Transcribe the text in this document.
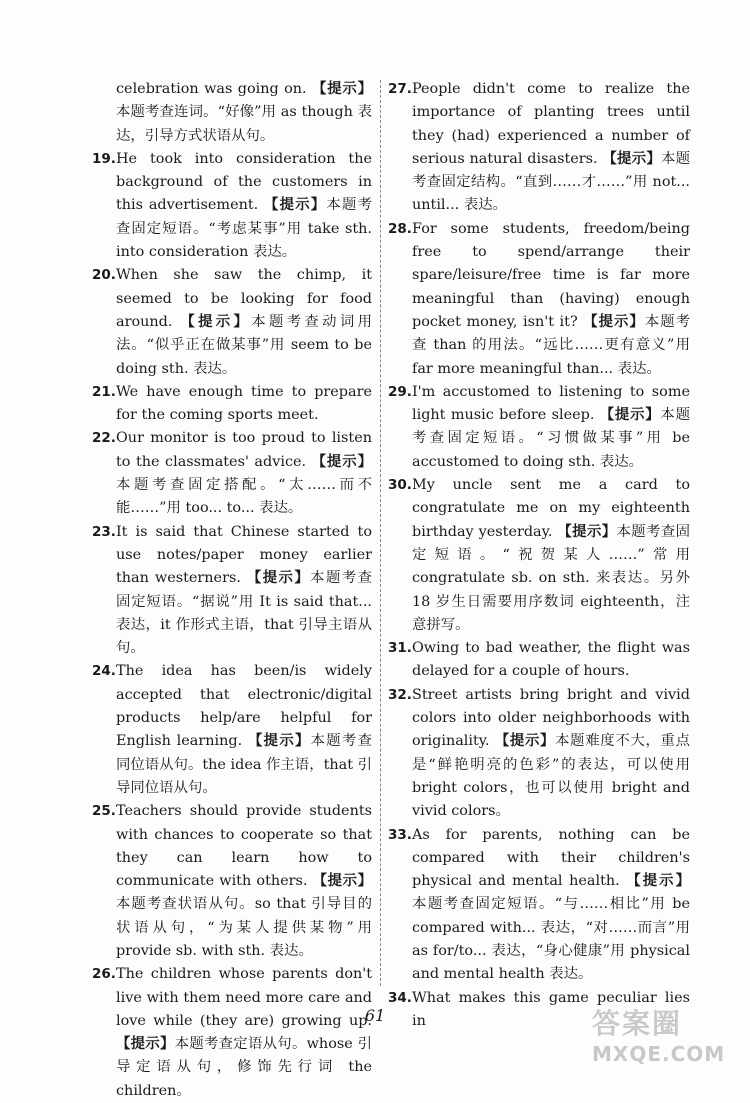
celebration was going on. 【提示】本题考查连词。“好像”用 as though 表达，引导方式状语从句。

19.He took into consideration the background of the customers in this advertisement. 【提示】本题考查固定短语。“考虑某事”用 take sth. into consideration 表达。

20.When she saw the chimp, it seemed to be looking for food around. 【提示】本题考查动词用法。“似乎正在做某事”用 seem to be doing sth. 表达。

21.We have enough time to prepare for the coming sports meet.

22.Our monitor is too proud to listen to the classmates' advice. 【提示】本题考查固定搭配。“太……而不能……”用 too... to... 表达。

23.It is said that Chinese started to use notes/paper money earlier than westerners. 【提示】本题考查固定短语。“据说”用 It is said that... 表达，it 作形式主语，that 引导主语从句。

24.The idea has been/is widely accepted that electronic/digital products help/are helpful for English learning. 【提示】本题考查同位语从句。the idea 作主语，that 引导同位语从句。

25.Teachers should provide students with chances to cooperate so that they can learn how to communicate with others. 【提示】本题考查状语从句。so that 引导目的状语从句，“为某人提供某物”用 provide sb. with sth. 表达。

26.The children whose parents don't live with them need more care and love while (they are) growing up. 【提示】本题考查定语从句。whose 引导定语从句，修饰先行词 the children。

27.People didn't come to realize the importance of planting trees until they (had) experienced a number of serious natural disasters. 【提示】本题考查固定结构。“直到……才……”用 not... until... 表达。

28.For some students, freedom/being free to spend/arrange their spare/leisure/free time is far more meaningful than (having) enough pocket money, isn't it? 【提示】本题考查 than 的用法。“远比……更有意义”用 far more meaningful than... 表达。

29.I'm accustomed to listening to some light music before sleep. 【提示】本题考查固定短语。“习惯做某事”用 be accustomed to doing sth. 表达。

30.My uncle sent me a card to congratulate me on my eighteenth birthday yesterday. 【提示】本题考查固定短语。“祝贺某人……”常用 congratulate sb. on sth. 来表达。另外 18 岁生日需要用序数词 eighteenth，注意拼写。

31.Owing to bad weather, the flight was delayed for a couple of hours.

32.Street artists bring bright and vivid colors into older neighborhoods with originality. 【提示】本题难度不大，重点是“鲜艳明亮的色彩”的表达，可以使用 bright colors，也可以使用 bright and vivid colors。

33.As for parents, nothing can be compared with their children's physical and mental health. 【提示】本题考查固定短语。“与……相比”用 be compared with... 表达，“对……而言”用 as for/to... 表达，“身心健康”用 physical and mental health 表达。

34.What makes this game peculiar lies in

61	答案圈
MXQE.COM
